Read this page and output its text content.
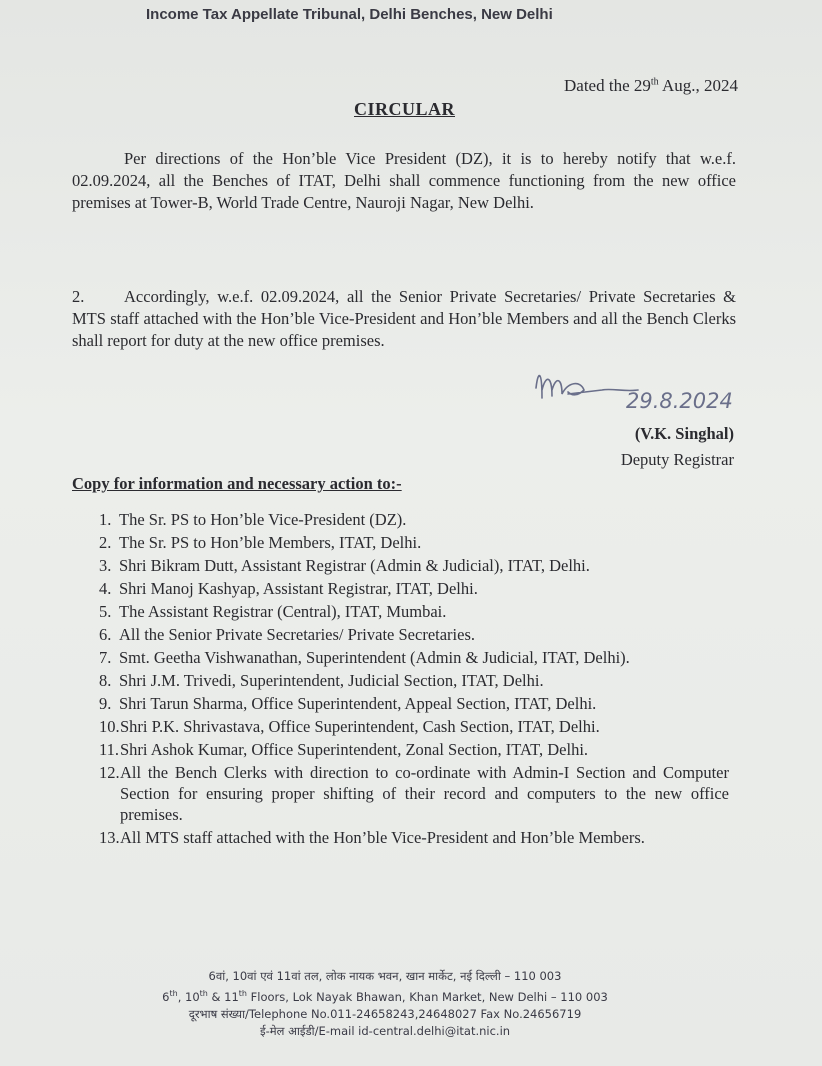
Income Tax Appellate Tribunal, Delhi Benches, New Delhi
Dated the 29th Aug., 2024
CIRCULAR
Per directions of the Hon’ble Vice President (DZ), it is to hereby notify that w.e.f. 02.09.2024, all the Benches of ITAT, Delhi shall commence functioning from the new office premises at Tower-B, World Trade Centre, Nauroji Nagar, New Delhi.
2. Accordingly, w.e.f. 02.09.2024, all the Senior Private Secretaries/ Private Secretaries & MTS staff attached with the Hon’ble Vice-President and Hon’ble Members and all the Bench Clerks shall report for duty at the new office premises.
29.8.2024
(V.K. Singhal)
Deputy Registrar
Copy for information and necessary action to:-
1. The Sr. PS to Hon’ble Vice-President (DZ).
2. The Sr. PS to Hon’ble Members, ITAT, Delhi.
3. Shri Bikram Dutt, Assistant Registrar (Admin & Judicial), ITAT, Delhi.
4. Shri Manoj Kashyap, Assistant Registrar, ITAT, Delhi.
5. The Assistant Registrar (Central), ITAT, Mumbai.
6. All the Senior Private Secretaries/ Private Secretaries.
7. Smt. Geetha Vishwanathan, Superintendent (Admin & Judicial, ITAT, Delhi).
8. Shri J.M. Trivedi, Superintendent, Judicial Section, ITAT, Delhi.
9. Shri Tarun Sharma, Office Superintendent, Appeal Section, ITAT, Delhi.
10. Shri P.K. Shrivastava, Office Superintendent, Cash Section, ITAT, Delhi.
11. Shri Ashok Kumar, Office Superintendent, Zonal Section, ITAT, Delhi.
12. All the Bench Clerks with direction to co-ordinate with Admin-I Section and Computer Section for ensuring proper shifting of their record and computers to the new office premises.
13. All MTS staff attached with the Hon’ble Vice-President and Hon’ble Members.
6वां, 10वां एवं 11वां तल, लोक नायक भवन, खान मार्केट, नई दिल्ली – 110 003
6th, 10th & 11th Floors, Lok Nayak Bhawan, Khan Market, New Delhi – 110 003
दूरभाष संख्या/Telephone No.011-24658243,24648027 Fax No.24656719
ई-मेल आईडी/E-mail id-central.delhi@itat.nic.in
